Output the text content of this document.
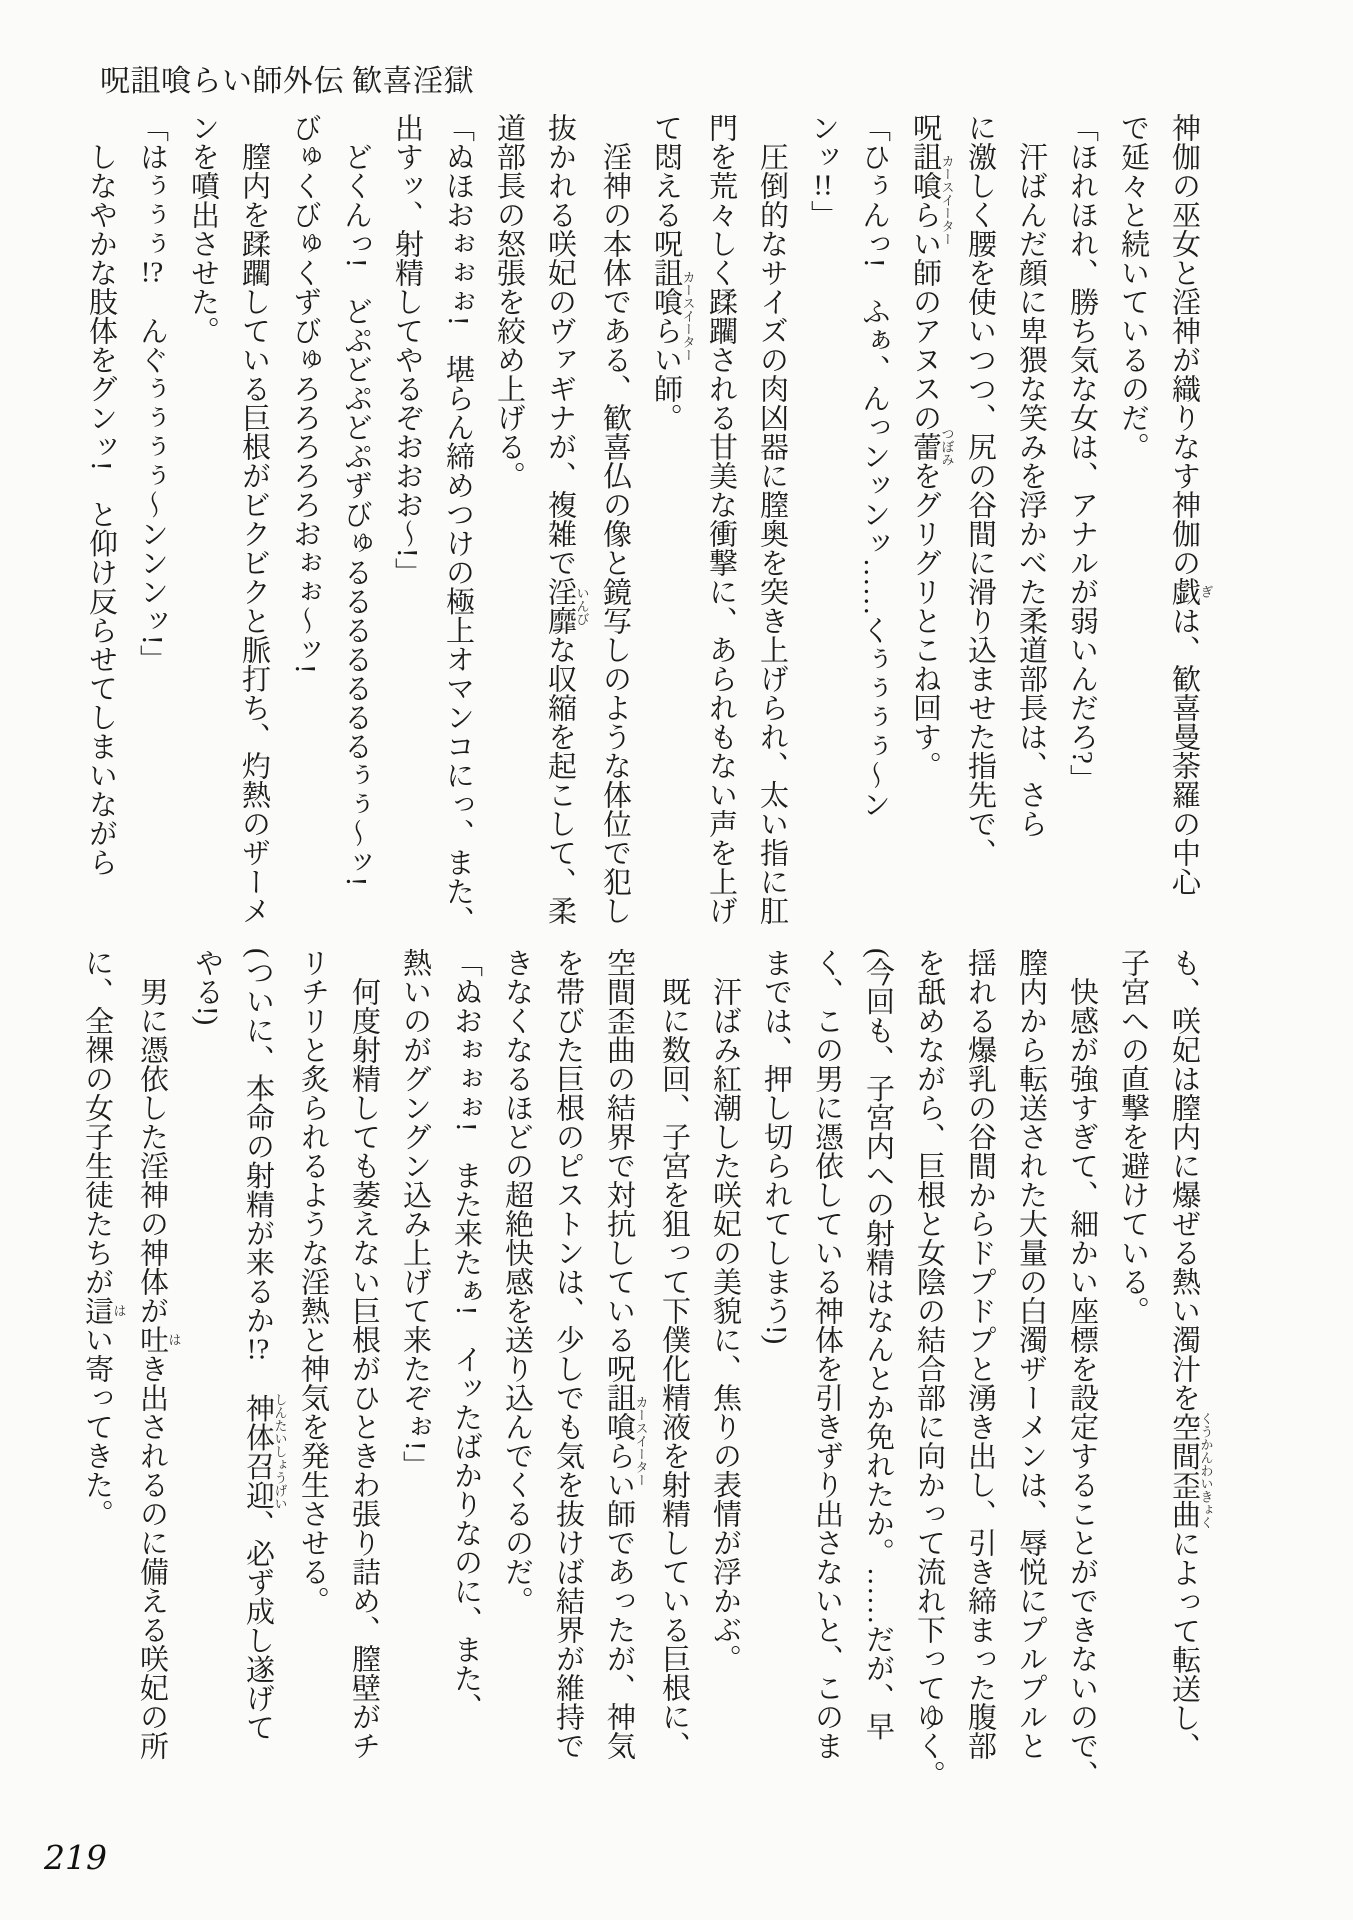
呪詛喰らい師外伝 歓喜淫獄

神伽の巫女と淫神が織りなす神伽の戯ぎは、歓喜曼荼羅の中心

で延々と続いているのだ。

「ほれほれ、勝ち気な女は、アナルが弱いんだろ?」

汗ばんだ顔に卑猥な笑みを浮かべた柔道部長は、さら

に激しく腰を使いつつ、尻の谷間に滑り込ませた指先で、

呪詛喰らい師カースイーターのアヌスの蕾つぼみをグリグリとこね回す。

「ひぅんっ!　ふぁ、んっンッンッ……くぅぅぅぅ〜ン

ンッ!!」

圧倒的なサイズの肉凶器に膣奥を突き上げられ、太い指に肛

門を荒々しく蹂躙される甘美な衝撃に、あられもない声を上げ

て悶える呪詛喰らい師カースイーター。

淫神の本体である、歓喜仏の像と鏡写しのような体位で犯し

抜かれる咲妃のヴァギナが、複雑で淫靡いんびな収縮を起こして、柔

道部長の怒張を絞め上げる。

「ぬほおぉぉぉ!　堪らん締めつけの極上オマンコにっ、また、

出すッ、射精してやるぞおおお〜!」

どくんっ!　どぷどぷどぷずびゅるるるるるるるぅぅ〜ッ!

びゅくびゅくずびゅろろろろろおぉぉ〜ッ!

膣内を蹂躙している巨根がビクビクと脈打ち、灼熱のザーメ

ンを噴出させた。

「はぅぅぅ!?　んぐぅぅぅぅ〜ンンンッ!」

しなやかな肢体をグンッ!　と仰け反らせてしまいながら

も、咲妃は膣内に爆ぜる熱い濁汁を空間歪曲くうかんわいきょくによって転送し、

子宮への直撃を避けている。

快感が強すぎて、細かい座標を設定することができないので、

膣内から転送された大量の白濁ザーメンは、辱悦にプルプルと

揺れる爆乳の谷間からドプドプと湧き出し、引き締まった腹部

を舐めながら、巨根と女陰の結合部に向かって流れ下ってゆく。

(今回も、子宮内への射精はなんとか免れたか。……だが、早

く、この男に憑依している神体を引きずり出さないと、このま

までは、押し切られてしまう!)

汗ばみ紅潮した咲妃の美貌に、焦りの表情が浮かぶ。

既に数回、子宮を狙って下僕化精液を射精している巨根に、

空間歪曲の結界で対抗している呪詛喰らい師カースイーターであったが、神気

を帯びた巨根のピストンは、少しでも気を抜けば結界が維持で

きなくなるほどの超絶快感を送り込んでくるのだ。

「ぬおぉぉぉ!　また来たぁ!　イッたばかりなのに、また、

熱いのがグングン込み上げて来たぞぉ!」

何度射精しても萎えない巨根がひときわ張り詰め、膣壁がチ

リチリと炙られるような淫熱と神気を発生させる。

(ついに、本命の射精が来るか!?　神体召迎しんたいしょうげい、必ず成し遂げて

やる!)

男に憑依した淫神の神体が吐はき出されるのに備える咲妃の所

に、全裸の女子生徒たちが這はい寄ってきた。

219
